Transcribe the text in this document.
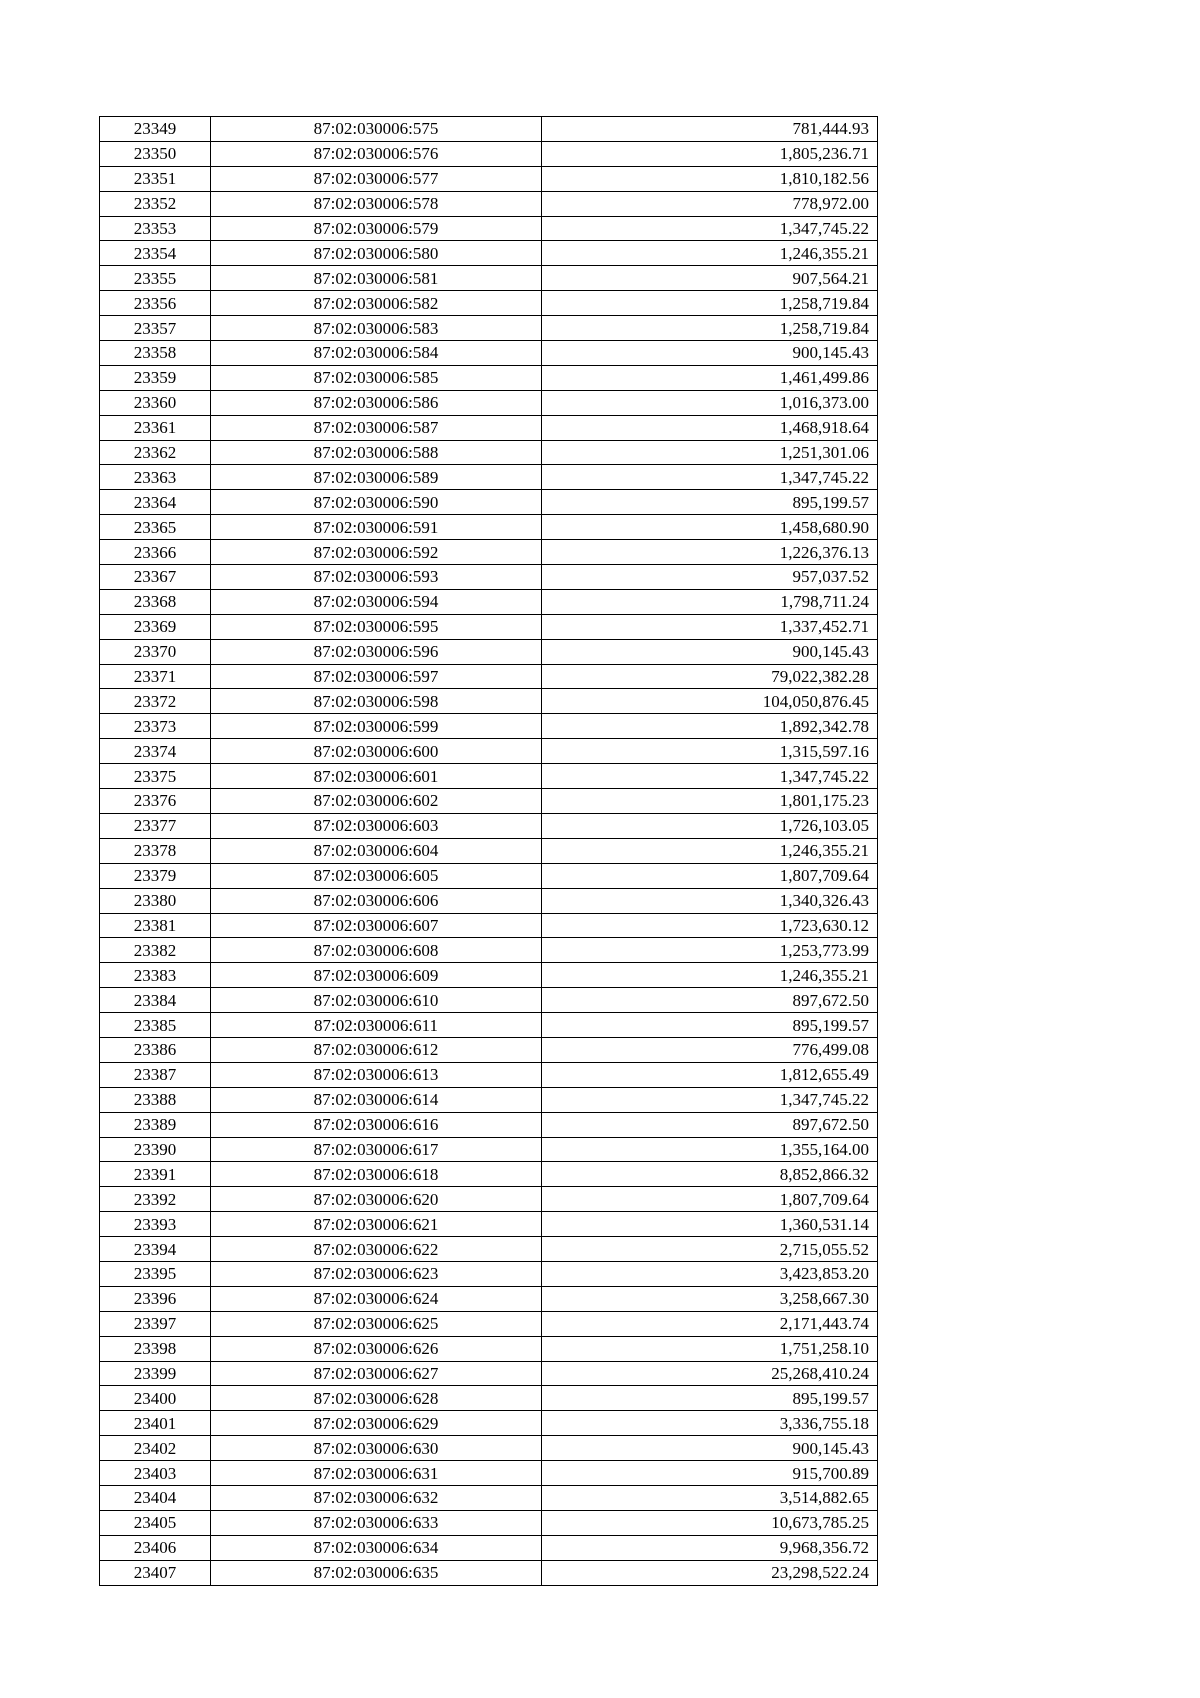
23349	87:02:030006:575	781,444.93
23350	87:02:030006:576	1,805,236.71
23351	87:02:030006:577	1,810,182.56
23352	87:02:030006:578	778,972.00
23353	87:02:030006:579	1,347,745.22
23354	87:02:030006:580	1,246,355.21
23355	87:02:030006:581	907,564.21
23356	87:02:030006:582	1,258,719.84
23357	87:02:030006:583	1,258,719.84
23358	87:02:030006:584	900,145.43
23359	87:02:030006:585	1,461,499.86
23360	87:02:030006:586	1,016,373.00
23361	87:02:030006:587	1,468,918.64
23362	87:02:030006:588	1,251,301.06
23363	87:02:030006:589	1,347,745.22
23364	87:02:030006:590	895,199.57
23365	87:02:030006:591	1,458,680.90
23366	87:02:030006:592	1,226,376.13
23367	87:02:030006:593	957,037.52
23368	87:02:030006:594	1,798,711.24
23369	87:02:030006:595	1,337,452.71
23370	87:02:030006:596	900,145.43
23371	87:02:030006:597	79,022,382.28
23372	87:02:030006:598	104,050,876.45
23373	87:02:030006:599	1,892,342.78
23374	87:02:030006:600	1,315,597.16
23375	87:02:030006:601	1,347,745.22
23376	87:02:030006:602	1,801,175.23
23377	87:02:030006:603	1,726,103.05
23378	87:02:030006:604	1,246,355.21
23379	87:02:030006:605	1,807,709.64
23380	87:02:030006:606	1,340,326.43
23381	87:02:030006:607	1,723,630.12
23382	87:02:030006:608	1,253,773.99
23383	87:02:030006:609	1,246,355.21
23384	87:02:030006:610	897,672.50
23385	87:02:030006:611	895,199.57
23386	87:02:030006:612	776,499.08
23387	87:02:030006:613	1,812,655.49
23388	87:02:030006:614	1,347,745.22
23389	87:02:030006:616	897,672.50
23390	87:02:030006:617	1,355,164.00
23391	87:02:030006:618	8,852,866.32
23392	87:02:030006:620	1,807,709.64
23393	87:02:030006:621	1,360,531.14
23394	87:02:030006:622	2,715,055.52
23395	87:02:030006:623	3,423,853.20
23396	87:02:030006:624	3,258,667.30
23397	87:02:030006:625	2,171,443.74
23398	87:02:030006:626	1,751,258.10
23399	87:02:030006:627	25,268,410.24
23400	87:02:030006:628	895,199.57
23401	87:02:030006:629	3,336,755.18
23402	87:02:030006:630	900,145.43
23403	87:02:030006:631	915,700.89
23404	87:02:030006:632	3,514,882.65
23405	87:02:030006:633	10,673,785.25
23406	87:02:030006:634	9,968,356.72
23407	87:02:030006:635	23,298,522.24
